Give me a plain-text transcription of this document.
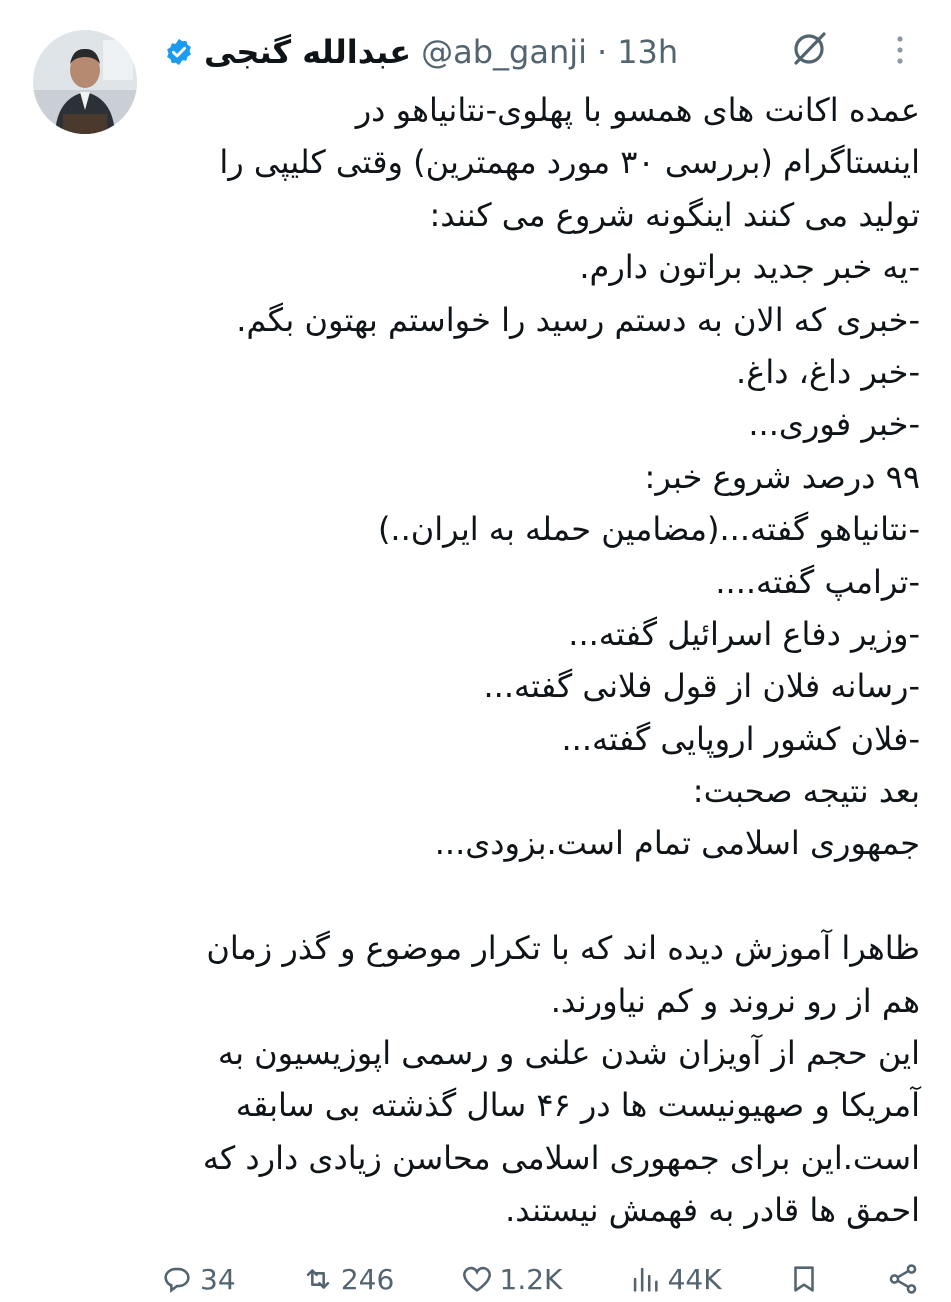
عبدالله گنجی @ab_ganji · 13h
عمده اکانت های همسو با پهلوی-نتانیاهو در
اینستاگرام (بررسی ۳۰ مورد مهمترین) وقتی کلیپی را
تولید می کنند اینگونه شروع می کنند:
-یه خبر جدید براتون دارم.
-خبری که الان به دستم رسید را خواستم بهتون بگم.
-خبر داغ، داغ.
-خبر فوری...
۹۹ درصد شروع خبر:
-نتانیاهو گفته...(مضامین حمله به ایران..)
-ترامپ گفته....
-وزیر دفاع اسرائیل گفته...
-رسانه فلان از قول فلانی گفته...
-فلان کشور اروپایی گفته...
بعد نتیجه صحبت:
جمهوری اسلامی تمام است.بزودی...
ظاهرا آموزش دیده اند که با تکرار موضوع و گذر زمان
هم از رو نروند و کم نیاورند.
این حجم از آویزان شدن علنی و رسمی اپوزیسیون به
آمریکا و صهیونیست ها در ۴۶ سال گذشته بی سابقه
است.این برای جمهوری اسلامی محاسن زیادی دارد که
احمق ها قادر به فهمش نیستند.
34	246	1.2K	44K
